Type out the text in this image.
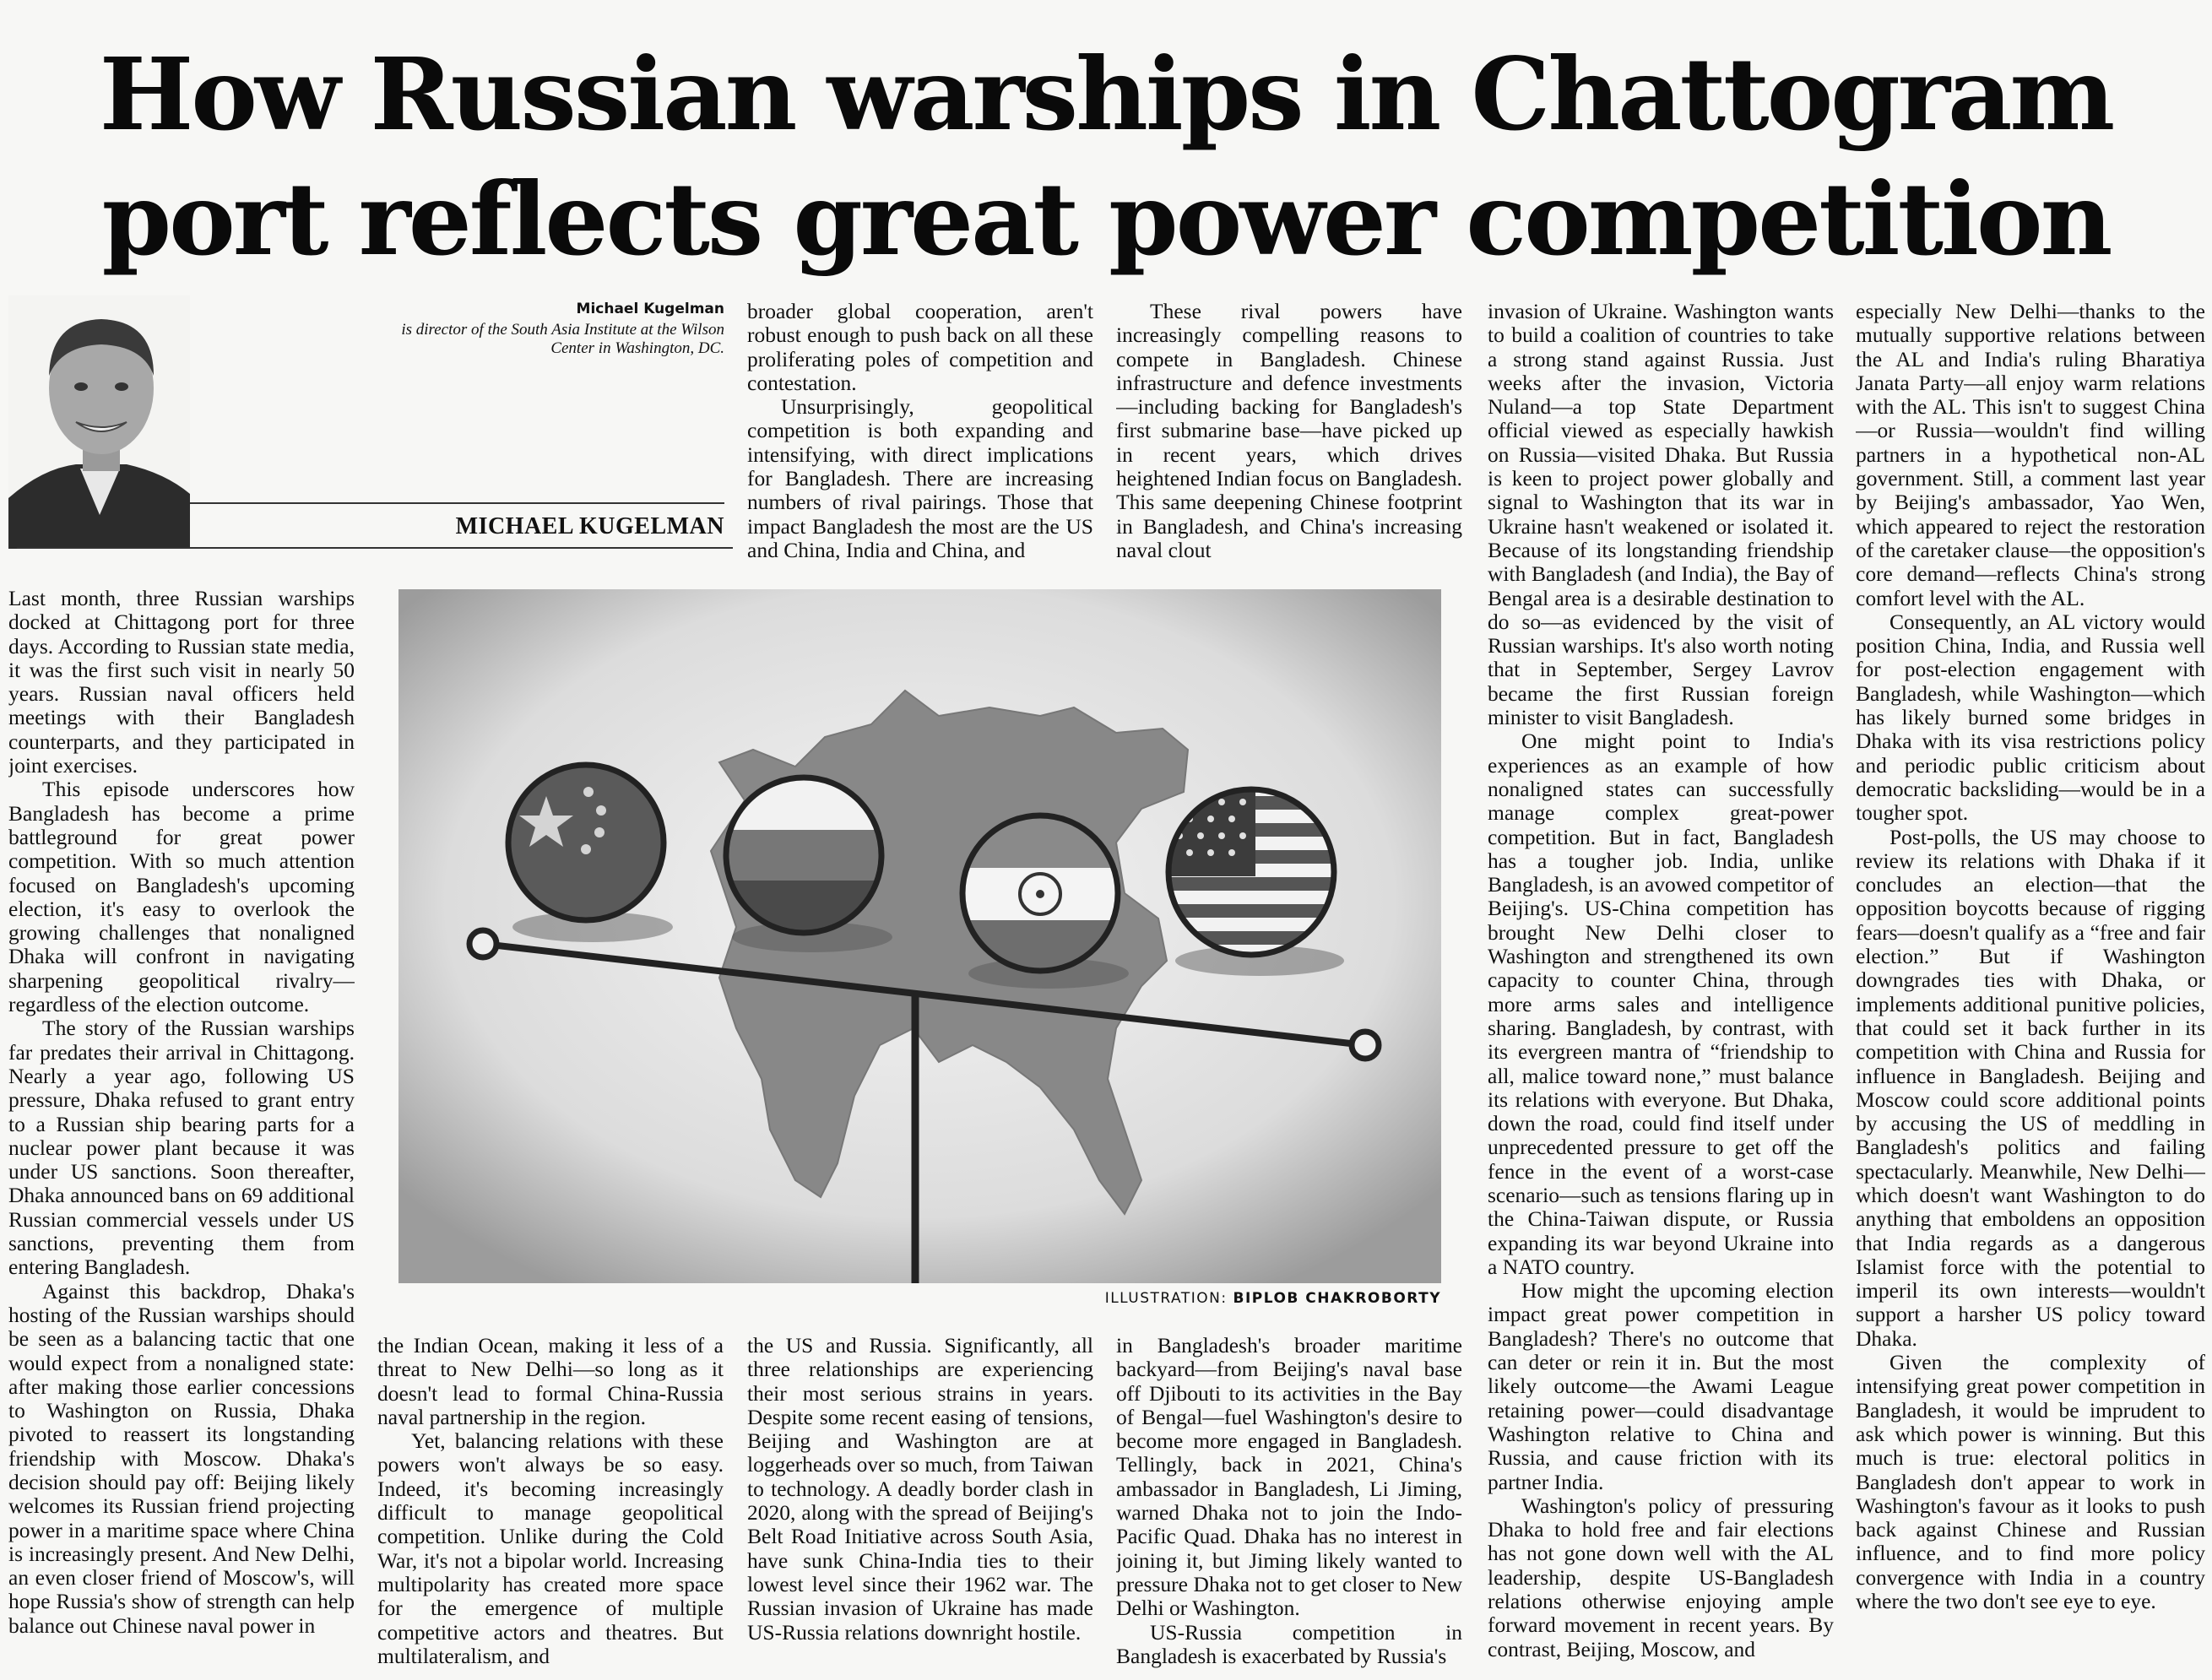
How Russian warships in Chattogram port reflects great power competition
Michael Kugelman
is director of the South Asia Institute at the Wilson Center in Washington, DC.
MICHAEL KUGELMAN

Last month, three Russian warships docked at Chittagong port for three days. According to Russian state media, it was the first such visit in nearly 50 years. Russian naval officers held meetings with their Bangladesh counterparts, and they participated in joint exercises.

This episode underscores how Bangladesh has become a prime battleground for great power competition. With so much attention focused on Bangladesh's upcoming election, it's easy to overlook the growing challenges that nonaligned Dhaka will confront in navigating sharpening geopolitical rivalry—regardless of the election outcome.

The story of the Russian warships far predates their arrival in Chittagong. Nearly a year ago, following US pressure, Dhaka refused to grant entry to a Russian ship bearing parts for a nuclear power plant because it was under US sanctions. Soon thereafter, Dhaka announced bans on 69 additional Russian commercial vessels under US sanctions, preventing them from entering Bangladesh.

Against this backdrop, Dhaka's hosting of the Russian warships should be seen as a balancing tactic that one would expect from a nonaligned state: after making those earlier concessions to Washington on Russia, Dhaka pivoted to reassert its longstanding friendship with Moscow. Dhaka's decision should pay off: Beijing likely welcomes its Russian friend projecting power in a maritime space where China is increasingly present. And New Delhi, an even closer friend of Moscow's, will hope Russia's show of strength can help balance out Chinese naval power in

broader global cooperation, aren't robust enough to push back on all these proliferating poles of competition and contestation.

Unsurprisingly, geopolitical competition is both expanding and intensifying, with direct implications for Bangladesh. There are increasing numbers of rival pairings. Those that impact Bangladesh the most are the US and China, India and China, and

These rival powers have increasingly compelling reasons to compete in Bangladesh. Chinese infrastructure and defence investments—including backing for Bangladesh's first submarine base—have picked up in recent years, which drives heightened Indian focus on Bangladesh. This same deepening Chinese footprint in Bangladesh, and China's increasing naval clout

the Indian Ocean, making it less of a threat to New Delhi—so long as it doesn't lead to formal China-Russia naval partnership in the region.

Yet, balancing relations with these powers won't always be so easy. Indeed, it's becoming increasingly difficult to manage geopolitical competition. Unlike during the Cold War, it's not a bipolar world. Increasing multipolarity has created more space for the emergence of multiple competitive actors and theatres. But multilateralism, and

the US and Russia. Significantly, all three relationships are experiencing their most serious strains in years. Despite some recent easing of tensions, Beijing and Washington are at loggerheads over so much, from Taiwan to technology. A deadly border clash in 2020, along with the spread of Beijing's Belt Road Initiative across South Asia, have sunk China-India ties to their lowest level since their 1962 war. The Russian invasion of Ukraine has made US-Russia relations downright hostile.

in Bangladesh's broader maritime backyard—from Beijing's naval base off Djibouti to its activities in the Bay of Bengal—fuel Washington's desire to become more engaged in Bangladesh. Tellingly, back in 2021, China's ambassador in Bangladesh, Li Jiming, warned Dhaka not to join the Indo-Pacific Quad. Dhaka has no interest in joining it, but Jiming likely wanted to pressure Dhaka not to get closer to New Delhi or Washington.

US-Russia competition in Bangladesh is exacerbated by Russia's

invasion of Ukraine. Washington wants to build a coalition of countries to take a strong stand against Russia. Just weeks after the invasion, Victoria Nuland—a top State Department official viewed as especially hawkish on Russia—visited Dhaka. But Russia is keen to project power globally and signal to Washington that its war in Ukraine hasn't weakened or isolated it. Because of its longstanding friendship with Bangladesh (and India), the Bay of Bengal area is a desirable destination to do so—as evidenced by the visit of Russian warships. It's also worth noting that in September, Sergey Lavrov became the first Russian foreign minister to visit Bangladesh.

One might point to India's experiences as an example of how nonaligned states can successfully manage complex great-power competition. But in fact, Bangladesh has a tougher job. India, unlike Bangladesh, is an avowed competitor of Beijing's. US-China competition has brought New Delhi closer to Washington and strengthened its own capacity to counter China, through more arms sales and intelligence sharing. Bangladesh, by contrast, with its evergreen mantra of “friendship to all, malice toward none,” must balance its relations with everyone. But Dhaka, down the road, could find itself under unprecedented pressure to get off the fence in the event of a worst-case scenario—such as tensions flaring up in the China-Taiwan dispute, or Russia expanding its war beyond Ukraine into a NATO country.

How might the upcoming election impact great power competition in Bangladesh? There's no outcome that can deter or rein it in. But the most likely outcome—the Awami League retaining power—could disadvantage Washington relative to China and Russia, and cause friction with its partner India.

Washington's policy of pressuring Dhaka to hold free and fair elections has not gone down well with the AL leadership, despite US-Bangladesh relations otherwise enjoying ample forward movement in recent years. By contrast, Beijing, Moscow, and

especially New Delhi—thanks to the mutually supportive relations between the AL and India's ruling Bharatiya Janata Party—all enjoy warm relations with the AL. This isn't to suggest China—or Russia—wouldn't find willing partners in a hypothetical non-AL government. Still, a comment last year by Beijing's ambassador, Yao Wen, which appeared to reject the restoration of the caretaker clause—the opposition's core demand—reflects China's strong comfort level with the AL.

Consequently, an AL victory would position China, India, and Russia well for post-election engagement with Bangladesh, while Washington—which has likely burned some bridges in Dhaka with its visa restrictions policy and periodic public criticism about democratic backsliding—would be in a tougher spot.

Post-polls, the US may choose to review its relations with Dhaka if it concludes an election—that the opposition boycotts because of rigging fears—doesn't qualify as a “free and fair election.” But if Washington downgrades ties with Dhaka, or implements additional punitive policies, that could set it back further in its competition with China and Russia for influence in Bangladesh. Beijing and Moscow could score additional points by accusing the US of meddling in Bangladesh's politics and failing spectacularly. Meanwhile, New Delhi—which doesn't want Washington to do anything that emboldens an opposition that India regards as a dangerous Islamist force with the potential to imperil its own interests—wouldn't support a harsher US policy toward Dhaka.

Given the complexity of intensifying great power competition in Bangladesh, it would be imprudent to ask which power is winning. But this much is true: electoral politics in Bangladesh don't appear to work in Washington's favour as it looks to push back against Chinese and Russian influence, and to find more policy convergence with India in a country where the two don't see eye to eye.

ILLUSTRATION: BIPLOB CHAKROBORTY
